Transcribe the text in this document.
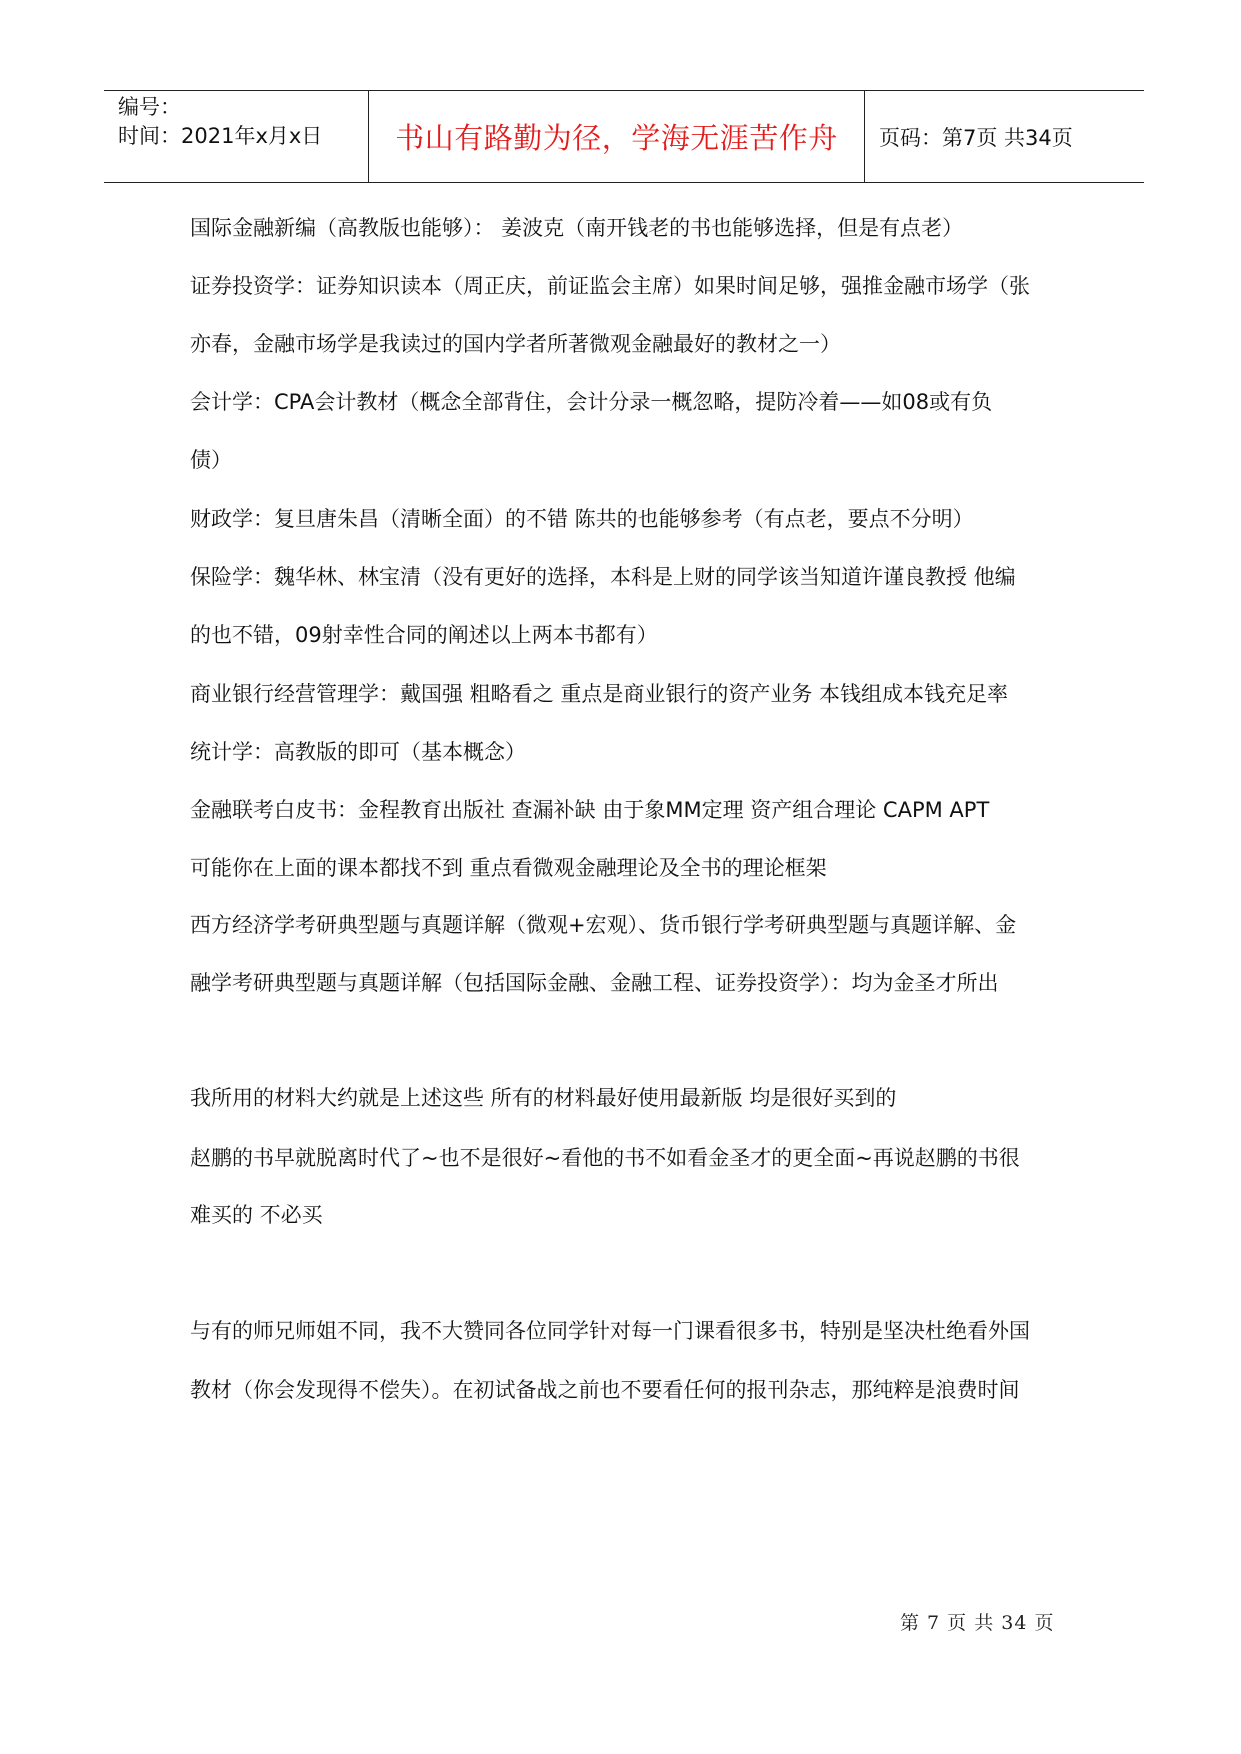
编号：
时间：2021年x月x日	书山有路勤为径，学海无涯苦作舟	页码：第7页 共34页

国际金融新编（高教版也能够）： 姜波克（南开钱老的书也能够选择，但是有点老）

证券投资学：证券知识读本（周正庆，前证监会主席）如果时间足够，强推金融市场学（张

亦春，金融市场学是我读过的国内学者所著微观金融最好的教材之一）

会计学：CPA会计教材（概念全部背住，会计分录一概忽略，提防冷着——如08或有负

债）

财政学：复旦唐朱昌（清晰全面）的不错 陈共的也能够参考（有点老，要点不分明）

保险学：魏华林、林宝清（没有更好的选择，本科是上财的同学该当知道许谨良教授 他编

的也不错，09射幸性合同的阐述以上两本书都有）

商业银行经营管理学：戴国强 粗略看之 重点是商业银行的资产业务 本钱组成本钱充足率

统计学：高教版的即可（基本概念）

金融联考白皮书：金程教育出版社 查漏补缺 由于象MM定理 资产组合理论 CAPM APT

可能你在上面的课本都找不到 重点看微观金融理论及全书的理论框架

西方经济学考研典型题与真题详解（微观+宏观）、货币银行学考研典型题与真题详解、金

融学考研典型题与真题详解（包括国际金融、金融工程、证券投资学）：均为金圣才所出

我所用的材料大约就是上述这些 所有的材料最好使用最新版 均是很好买到的

赵鹏的书早就脱离时代了~也不是很好~看他的书不如看金圣才的更全面~再说赵鹏的书很

难买的 不必买

与有的师兄师姐不同，我不大赞同各位同学针对每一门课看很多书，特别是坚决杜绝看外国

教材（你会发现得不偿失）。在初试备战之前也不要看任何的报刊杂志，那纯粹是浪费时间

第 7 页 共 34 页
